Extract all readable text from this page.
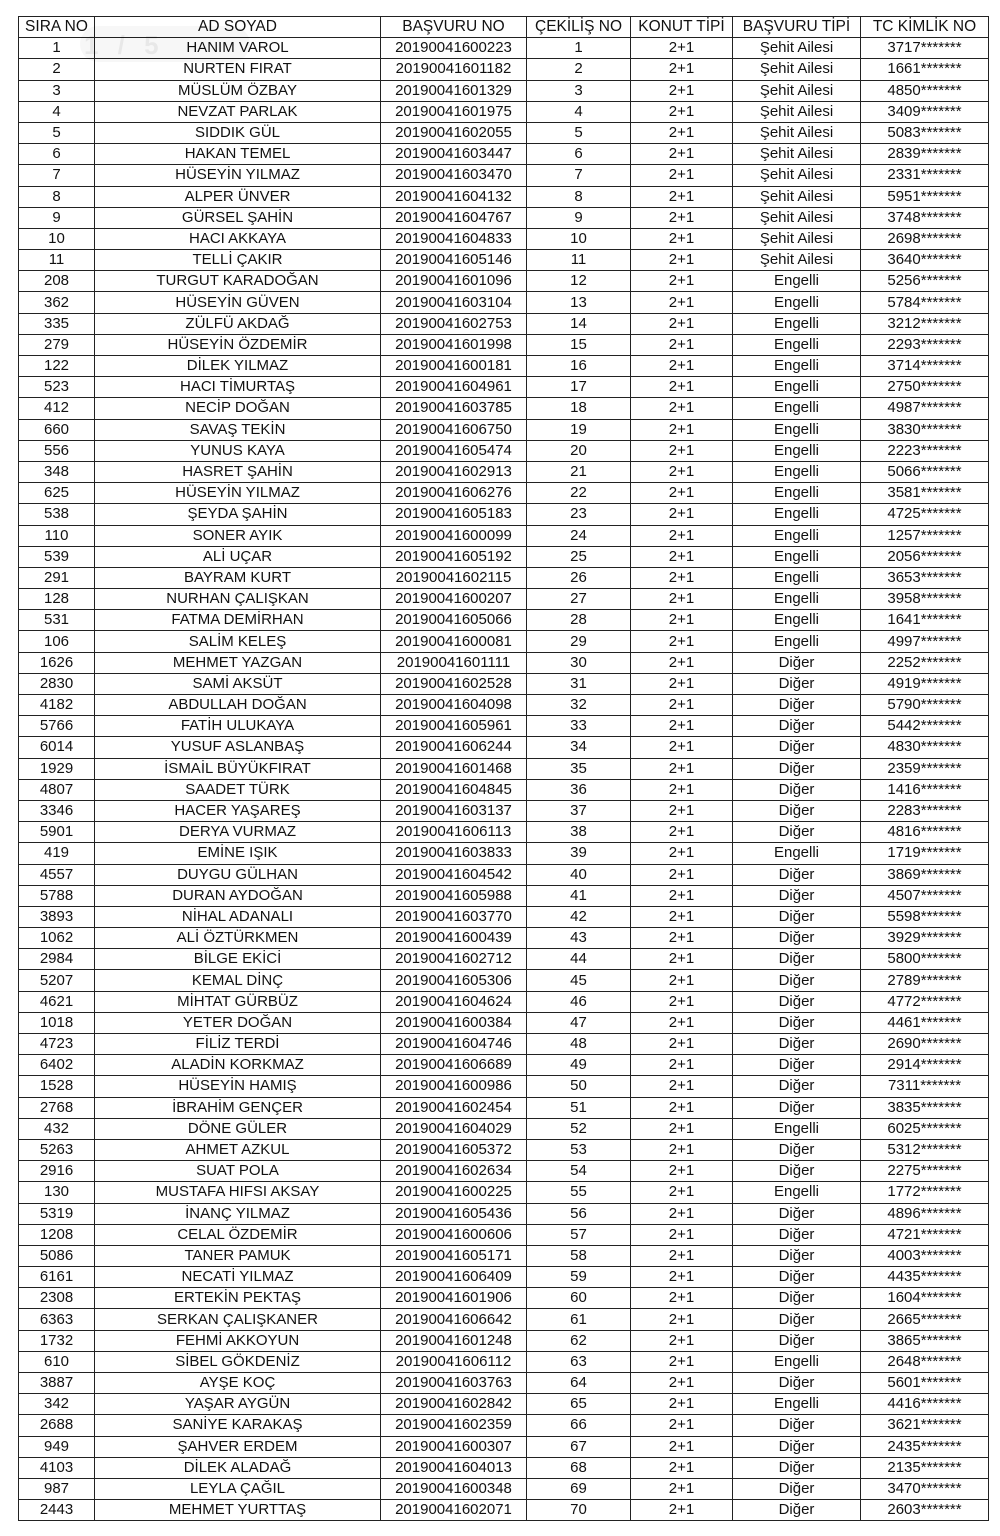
SIRA NO	AD SOYAD	BAŞVURU NO	ÇEKİLİŞ NO	KONUT TİPİ	BAŞVURU TİPİ	TC KİMLİK NO
1	HANIM VAROL	20190041600223	1	2+1	Şehit Ailesi	3717*******
2	NURTEN FIRAT	20190041601182	2	2+1	Şehit Ailesi	1661*******
3	MÜSLÜM ÖZBAY	20190041601329	3	2+1	Şehit Ailesi	4850*******
4	NEVZAT PARLAK	20190041601975	4	2+1	Şehit Ailesi	3409*******
5	SIDDIK GÜL	20190041602055	5	2+1	Şehit Ailesi	5083*******
6	HAKAN TEMEL	20190041603447	6	2+1	Şehit Ailesi	2839*******
7	HÜSEYİN YILMAZ	20190041603470	7	2+1	Şehit Ailesi	2331*******
8	ALPER ÜNVER	20190041604132	8	2+1	Şehit Ailesi	5951*******
9	GÜRSEL ŞAHİN	20190041604767	9	2+1	Şehit Ailesi	3748*******
10	HACI AKKAYA	20190041604833	10	2+1	Şehit Ailesi	2698*******
11	TELLİ ÇAKIR	20190041605146	11	2+1	Şehit Ailesi	3640*******
208	TURGUT KARADOĞAN	20190041601096	12	2+1	Engelli	5256*******
362	HÜSEYİN GÜVEN	20190041603104	13	2+1	Engelli	5784*******
335	ZÜLFÜ AKDAĞ	20190041602753	14	2+1	Engelli	3212*******
279	HÜSEYİN ÖZDEMİR	20190041601998	15	2+1	Engelli	2293*******
122	DİLEK YILMAZ	20190041600181	16	2+1	Engelli	3714*******
523	HACI TİMURTAŞ	20190041604961	17	2+1	Engelli	2750*******
412	NECİP DOĞAN	20190041603785	18	2+1	Engelli	4987*******
660	SAVAŞ TEKİN	20190041606750	19	2+1	Engelli	3830*******
556	YUNUS KAYA	20190041605474	20	2+1	Engelli	2223*******
348	HASRET ŞAHİN	20190041602913	21	2+1	Engelli	5066*******
625	HÜSEYİN YILMAZ	20190041606276	22	2+1	Engelli	3581*******
538	ŞEYDA ŞAHİN	20190041605183	23	2+1	Engelli	4725*******
110	SONER AYIK	20190041600099	24	2+1	Engelli	1257*******
539	ALİ UÇAR	20190041605192	25	2+1	Engelli	2056*******
291	BAYRAM KURT	20190041602115	26	2+1	Engelli	3653*******
128	NURHAN ÇALIŞKAN	20190041600207	27	2+1	Engelli	3958*******
531	FATMA DEMİRHAN	20190041605066	28	2+1	Engelli	1641*******
106	SALİM KELEŞ	20190041600081	29	2+1	Engelli	4997*******
1626	MEHMET YAZGAN	20190041601111	30	2+1	Diğer	2252*******
2830	SAMİ AKSÜT	20190041602528	31	2+1	Diğer	4919*******
4182	ABDULLAH DOĞAN	20190041604098	32	2+1	Diğer	5790*******
5766	FATİH ULUKAYA	20190041605961	33	2+1	Diğer	5442*******
6014	YUSUF ASLANBAŞ	20190041606244	34	2+1	Diğer	4830*******
1929	İSMAİL BÜYÜKFIRAT	20190041601468	35	2+1	Diğer	2359*******
4807	SAADET TÜRK	20190041604845	36	2+1	Diğer	1416*******
3346	HACER YAŞAREŞ	20190041603137	37	2+1	Diğer	2283*******
5901	DERYA VURMAZ	20190041606113	38	2+1	Diğer	4816*******
419	EMİNE IŞIK	20190041603833	39	2+1	Engelli	1719*******
4557	DUYGU GÜLHAN	20190041604542	40	2+1	Diğer	3869*******
5788	DURAN AYDOĞAN	20190041605988	41	2+1	Diğer	4507*******
3893	NİHAL ADANALI	20190041603770	42	2+1	Diğer	5598*******
1062	ALİ ÖZTÜRKMEN	20190041600439	43	2+1	Diğer	3929*******
2984	BİLGE EKİCİ	20190041602712	44	2+1	Diğer	5800*******
5207	KEMAL DİNÇ	20190041605306	45	2+1	Diğer	2789*******
4621	MİHTAT GÜRBÜZ	20190041604624	46	2+1	Diğer	4772*******
1018	YETER DOĞAN	20190041600384	47	2+1	Diğer	4461*******
4723	FİLİZ TERDİ	20190041604746	48	2+1	Diğer	2690*******
6402	ALADİN KORKMAZ	20190041606689	49	2+1	Diğer	2914*******
1528	HÜSEYİN HAMIŞ	20190041600986	50	2+1	Diğer	7311*******
2768	İBRAHİM GENÇER	20190041602454	51	2+1	Diğer	3835*******
432	DÖNE GÜLER	20190041604029	52	2+1	Engelli	6025*******
5263	AHMET AZKUL	20190041605372	53	2+1	Diğer	5312*******
2916	SUAT POLA	20190041602634	54	2+1	Diğer	2275*******
130	MUSTAFA HIFSI AKSAY	20190041600225	55	2+1	Engelli	1772*******
5319	İNANÇ YILMAZ	20190041605436	56	2+1	Diğer	4896*******
1208	CELAL ÖZDEMİR	20190041600606	57	2+1	Diğer	4721*******
5086	TANER PAMUK	20190041605171	58	2+1	Diğer	4003*******
6161	NECATİ YILMAZ	20190041606409	59	2+1	Diğer	4435*******
2308	ERTEKİN PEKTAŞ	20190041601906	60	2+1	Diğer	1604*******
6363	SERKAN ÇALIŞKANER	20190041606642	61	2+1	Diğer	2665*******
1732	FEHMİ AKKOYUN	20190041601248	62	2+1	Diğer	3865*******
610	SİBEL GÖKDENİZ	20190041606112	63	2+1	Engelli	2648*******
3887	AYŞE KOÇ	20190041603763	64	2+1	Diğer	5601*******
342	YAŞAR AYGÜN	20190041602842	65	2+1	Engelli	4416*******
2688	SANİYE KARAKAŞ	20190041602359	66	2+1	Diğer	3621*******
949	ŞAHVER ERDEM	20190041600307	67	2+1	Diğer	2435*******
4103	DİLEK ALADAĞ	20190041604013	68	2+1	Diğer	2135*******
987	LEYLA ÇAĞIL	20190041600348	69	2+1	Diğer	3470*******
2443	MEHMET YURTTAŞ	20190041602071	70	2+1	Diğer	2603*******
1 / 5
